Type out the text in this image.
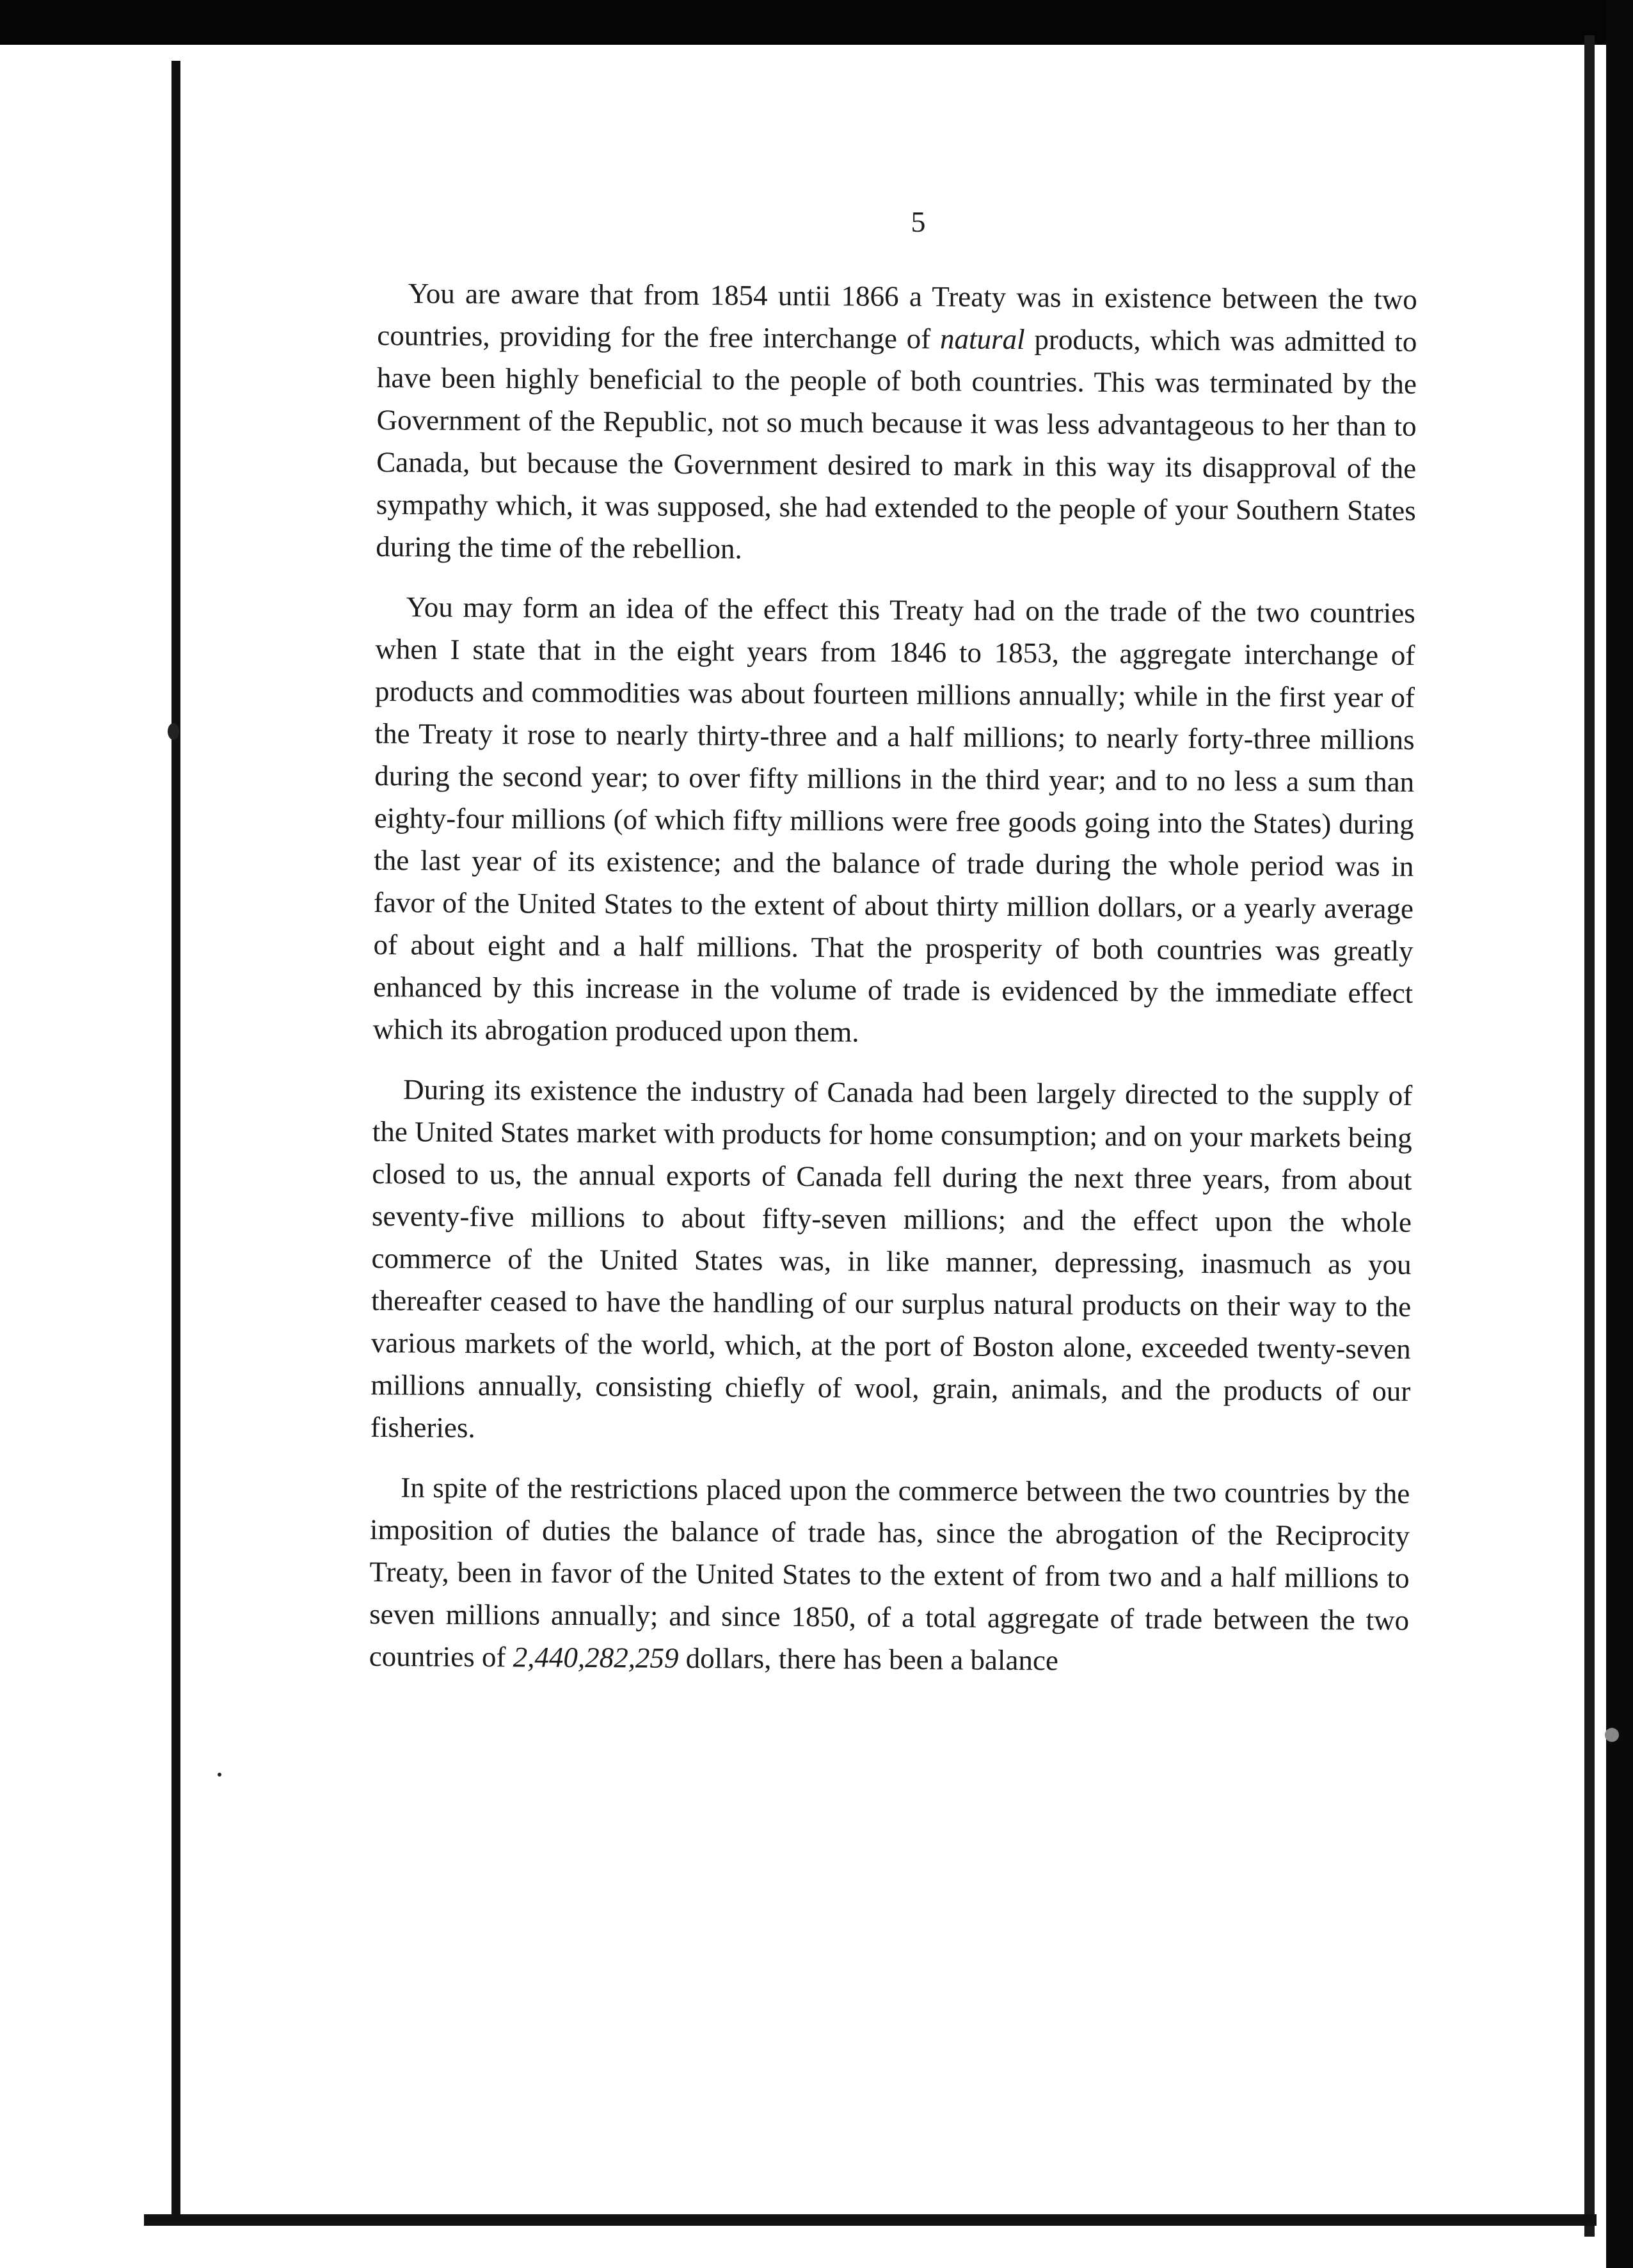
5

You are aware that from 1854 untii 1866 a Treaty was in existence between the two countries, providing for the free interchange of natural products, which was admitted to have been highly beneficial to the people of both countries. This was terminated by the Government of the Republic, not so much because it was less advantageous to her than to Canada, but because the Government desired to mark in this way its disapproval of the sympathy which, it was supposed, she had extended to the people of your Southern States during the time of the rebellion.

You may form an idea of the effect this Treaty had on the trade of the two countries when I state that in the eight years from 1846 to 1853, the aggregate interchange of products and commodities was about fourteen millions annually; while in the first year of the Treaty it rose to nearly thirty-three and a half millions; to nearly forty-three millions during the second year; to over fifty millions in the third year; and to no less a sum than eighty-four millions (of which fifty millions were free goods going into the States) during the last year of its existence; and the balance of trade during the whole period was in favor of the United States to the extent of about thirty million dollars, or a yearly average of about eight and a half millions. That the prosperity of both countries was greatly enhanced by this increase in the volume of trade is evidenced by the immediate effect which its abrogation produced upon them.

During its existence the industry of Canada had been largely directed to the supply of the United States market with products for home consumption; and on your markets being closed to us, the annual exports of Canada fell during the next three years, from about seventy-five millions to about fifty-seven millions; and the effect upon the whole commerce of the United States was, in like manner, depressing, inasmuch as you thereafter ceased to have the handling of our surplus natural products on their way to the various markets of the world, which, at the port of Boston alone, exceeded twenty-seven millions annually, consisting chiefly of wool, grain, animals, and the products of our fisheries.

In spite of the restrictions placed upon the commerce between the two countries by the imposition of duties the balance of trade has, since the abrogation of the Reciprocity Treaty, been in favor of the United States to the extent of from two and a half millions to seven millions annually; and since 1850, of a total aggregate of trade between the two countries of 2,440,282,259 dollars, there has been a balance
